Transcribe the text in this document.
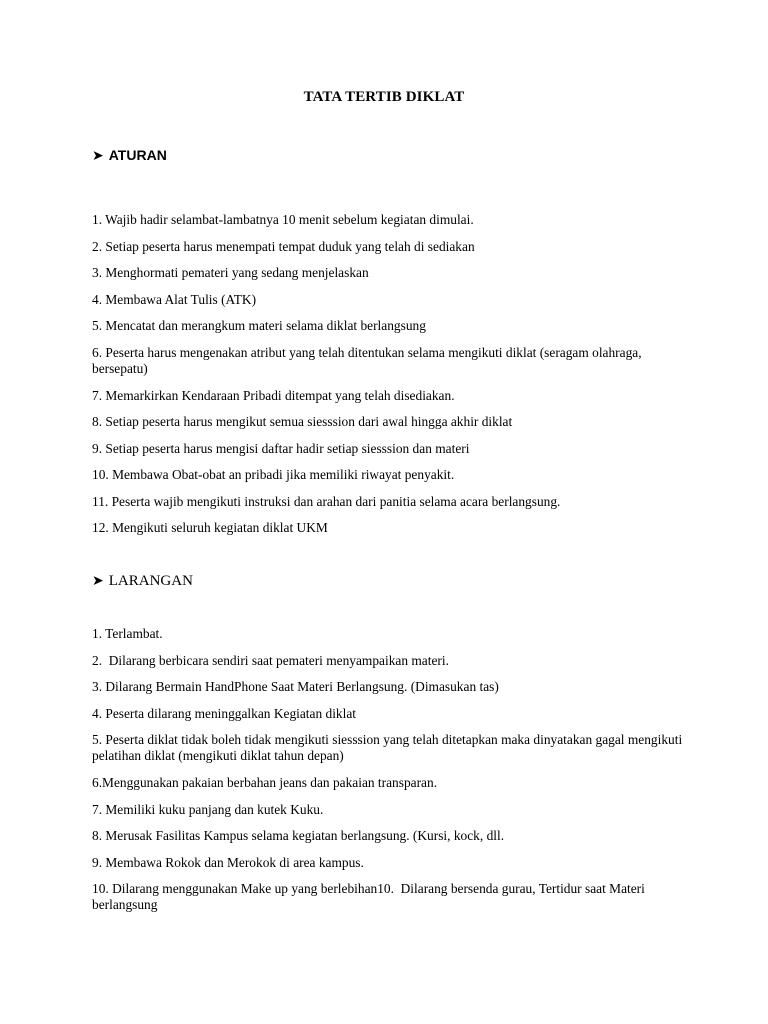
TATA TERTIB DIKLAT
➤ ATURAN
1. Wajib hadir selambat-lambatnya 10 menit sebelum kegiatan dimulai.
2. Setiap peserta harus menempati tempat duduk yang telah di sediakan
3. Menghormati pemateri yang sedang menjelaskan
4. Membawa Alat Tulis (ATK)
5. Mencatat dan merangkum materi selama diklat berlangsung
6. Peserta harus mengenakan atribut yang telah ditentukan selama mengikuti diklat (seragam olahraga, bersepatu)
7. Memarkirkan Kendaraan Pribadi ditempat yang telah disediakan.
8. Setiap peserta harus mengikut semua siesssion dari awal hingga akhir diklat
9. Setiap peserta harus mengisi daftar hadir setiap siesssion dan materi
10. Membawa Obat-obat an pribadi jika memiliki riwayat penyakit.
11. Peserta wajib mengikuti instruksi dan arahan dari panitia selama acara berlangsung.
12. Mengikuti seluruh kegiatan diklat UKM
➤ LARANGAN
1. Terlambat.
2.  Dilarang berbicara sendiri saat pemateri menyampaikan materi.
3. Dilarang Bermain HandPhone Saat Materi Berlangsung. (Dimasukan tas)
4. Peserta dilarang meninggalkan Kegiatan diklat
5. Peserta diklat tidak boleh tidak mengikuti siesssion yang telah ditetapkan maka dinyatakan gagal mengikuti pelatihan diklat (mengikuti diklat tahun depan)
6.Menggunakan pakaian berbahan jeans dan pakaian transparan.
7. Memiliki kuku panjang dan kutek Kuku.
8. Merusak Fasilitas Kampus selama kegiatan berlangsung. (Kursi, kock, dll.
9. Membawa Rokok dan Merokok di area kampus.
10. Dilarang menggunakan Make up yang berlebihan10.  Dilarang bersenda gurau, Tertidur saat Materi berlangsung
